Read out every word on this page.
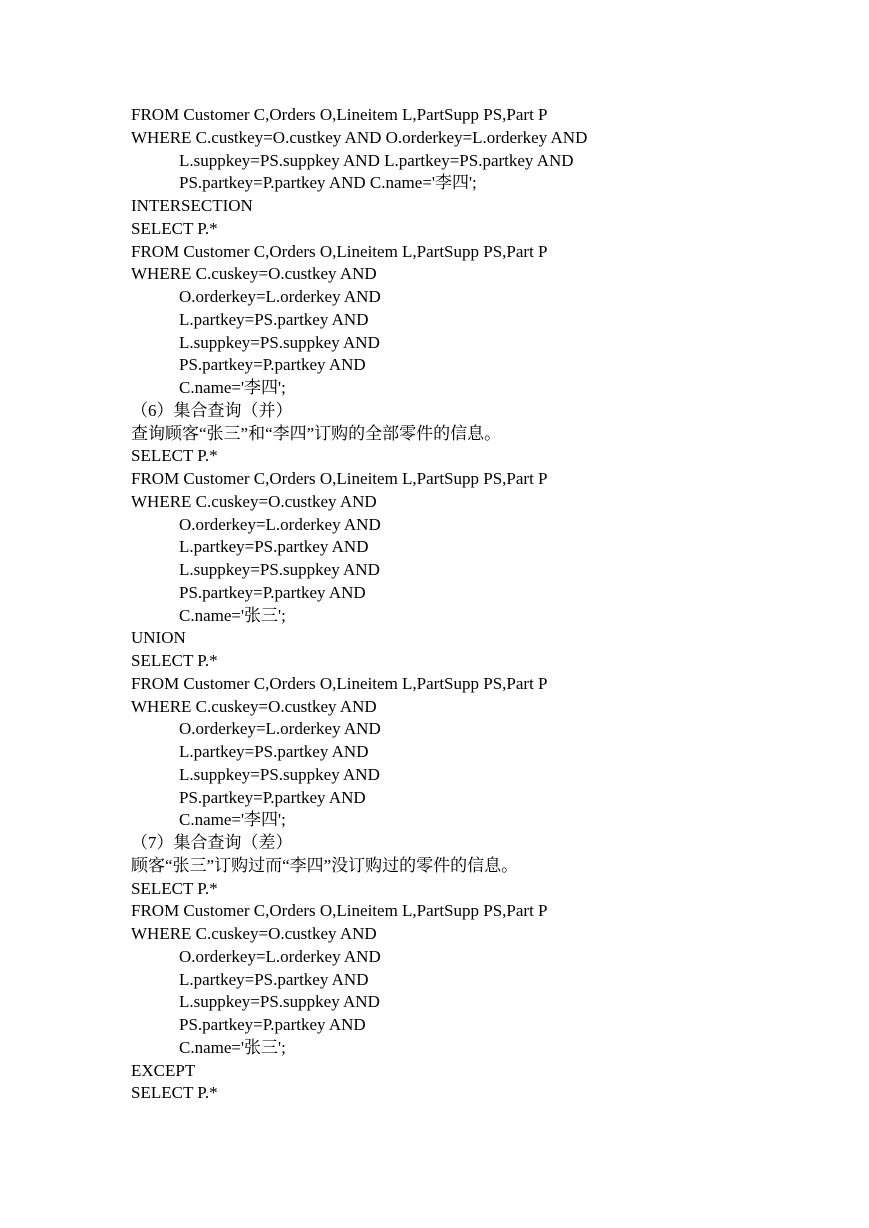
FROM Customer C,Orders O,Lineitem L,PartSupp PS,Part P
WHERE C.custkey=O.custkey AND O.orderkey=L.orderkey AND
L.suppkey=PS.suppkey AND L.partkey=PS.partkey AND
PS.partkey=P.partkey AND C.name='李四';
INTERSECTION
SELECT P.*
FROM Customer C,Orders O,Lineitem L,PartSupp PS,Part P
WHERE C.cuskey=O.custkey AND
O.orderkey=L.orderkey AND
L.partkey=PS.partkey AND
L.suppkey=PS.suppkey AND
PS.partkey=P.partkey AND
C.name='李四';
（6）集合查询（并）
查询顾客“张三”和“李四”订购的全部零件的信息。
SELECT P.*
FROM Customer C,Orders O,Lineitem L,PartSupp PS,Part P
WHERE C.cuskey=O.custkey AND
O.orderkey=L.orderkey AND
L.partkey=PS.partkey AND
L.suppkey=PS.suppkey AND
PS.partkey=P.partkey AND
C.name='张三';
UNION
SELECT P.*
FROM Customer C,Orders O,Lineitem L,PartSupp PS,Part P
WHERE C.cuskey=O.custkey AND
O.orderkey=L.orderkey AND
L.partkey=PS.partkey AND
L.suppkey=PS.suppkey AND
PS.partkey=P.partkey AND
C.name='李四';
（7）集合查询（差）
顾客“张三”订购过而“李四”没订购过的零件的信息。
SELECT P.*
FROM Customer C,Orders O,Lineitem L,PartSupp PS,Part P
WHERE C.cuskey=O.custkey AND
O.orderkey=L.orderkey AND
L.partkey=PS.partkey AND
L.suppkey=PS.suppkey AND
PS.partkey=P.partkey AND
C.name='张三';
EXCEPT
SELECT P.*
